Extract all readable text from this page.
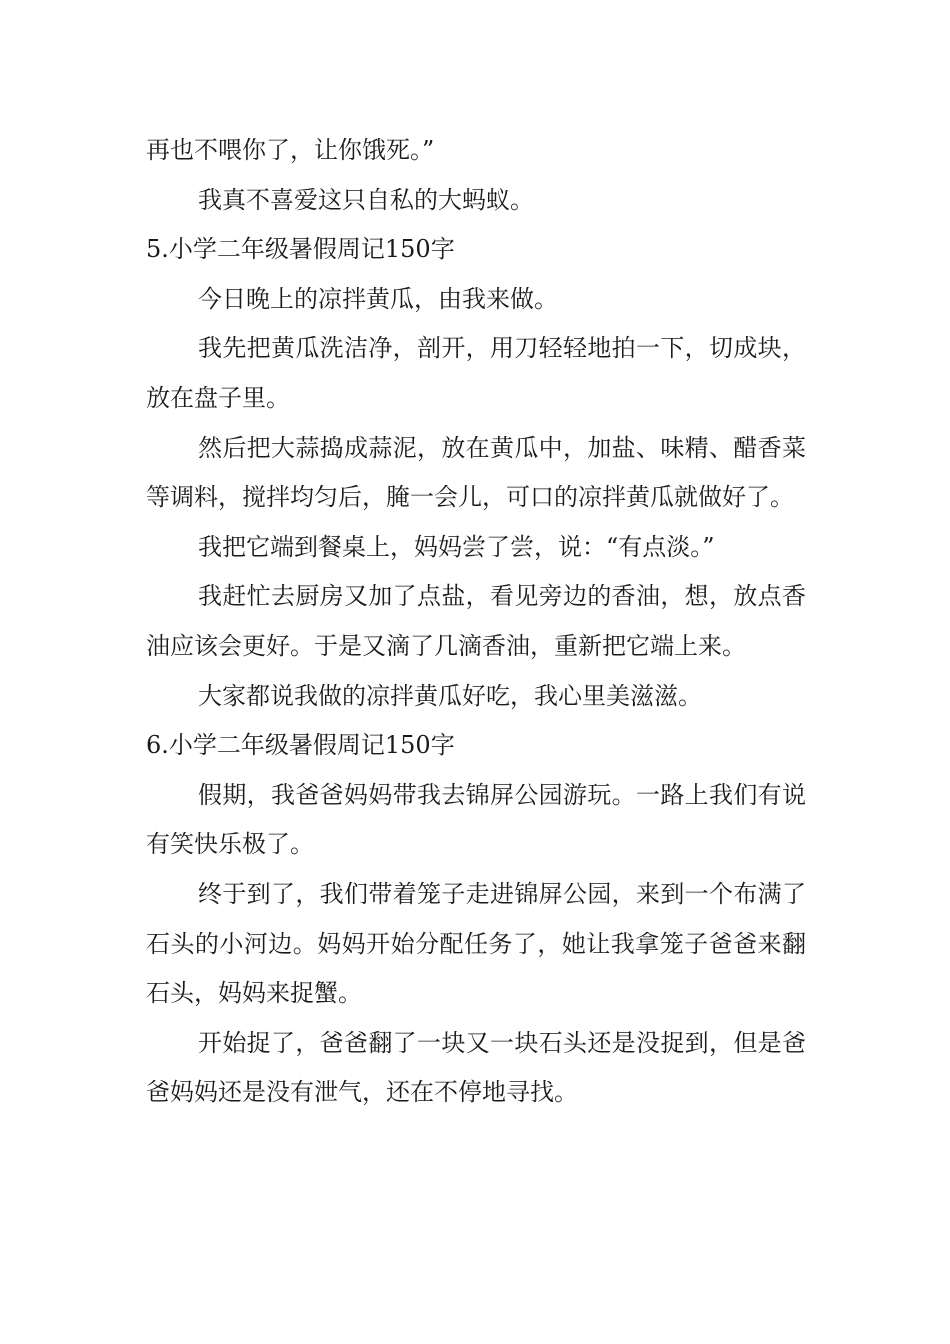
再也不喂你了，让你饿死。”

我真不喜爱这只自私的大蚂蚁。

5.小学二年级暑假周记150字

今日晚上的凉拌黄瓜，由我来做。

我先把黄瓜洗洁净，剖开，用刀轻轻地拍一下，切成块，放在盘子里。

然后把大蒜捣成蒜泥，放在黄瓜中，加盐、味精、醋香菜等调料，搅拌均匀后，腌一会儿，可口的凉拌黄瓜就做好了。

我把它端到餐桌上，妈妈尝了尝，说：“有点淡。”

我赶忙去厨房又加了点盐，看见旁边的香油，想，放点香油应该会更好。于是又滴了几滴香油，重新把它端上来。

大家都说我做的凉拌黄瓜好吃，我心里美滋滋。

6.小学二年级暑假周记150字

假期，我爸爸妈妈带我去锦屏公园游玩。一路上我们有说有笑快乐极了。

终于到了，我们带着笼子走进锦屏公园，来到一个布满了石头的小河边。妈妈开始分配任务了，她让我拿笼子爸爸来翻石头，妈妈来捉蟹。

开始捉了，爸爸翻了一块又一块石头还是没捉到，但是爸爸妈妈还是没有泄气，还在不停地寻找。
